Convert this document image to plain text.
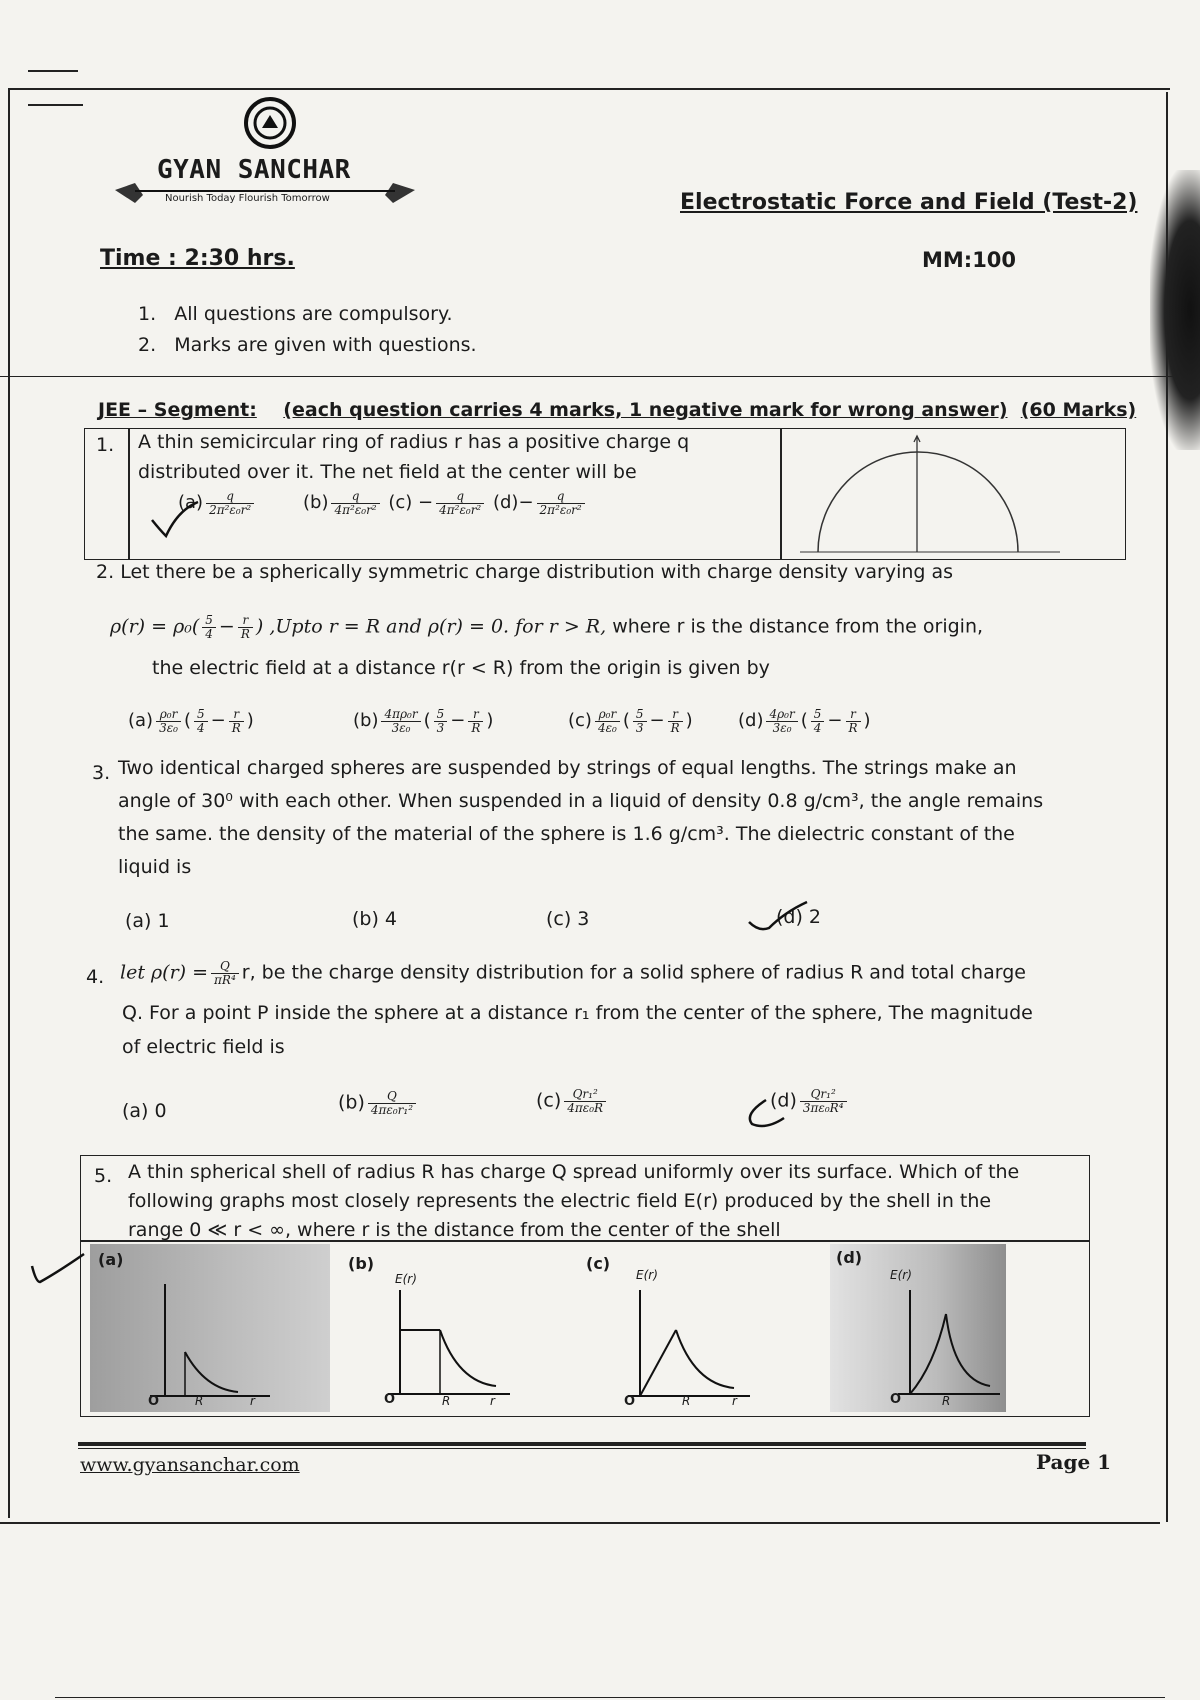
GYAN SANCHAR
Nourish Today Flourish Tomorrow	Electrostatic Force and Field (Test-2)
Time : 2:30 hrs.	MM:100
1. All questions are compulsory.
2. Marks are given with questions.
JEE – Segment: (each question carries 4 marks, 1 negative mark for wrong answer) (60 Marks)
1. A thin semicircular ring of radius r has a positive charge q
distributed over it. The net field at the center will be
$(a) \frac{q}{\text{2π²ε₀r²}}$	$(b) \frac{q}{\text{4π²ε₀r²}} (c) - \frac{q}{\text{4π²ε₀r²}} (d)- \frac{q}{\text{2π²ε₀r²}}$
2. Let there be a spherically symmetric charge distribution with charge density varying as
$\rho(r) = \rho_0( \frac{5}{4} - \frac{r}{R}$ ) ,Upto r = R and ρ(r) = 0. for r > R, where r is the distance from the origin,
the electric field at a distance r(r < R) from the origin is given by
$(a) \frac{\text{ρ₀r}}{\text{3ε₀}}$ ( $\frac{5}{4} - \frac{r}{R}$ )	$(b) \frac{\text{4πρ₀r}}{\text{3ε₀}}$ ( $\frac{5}{3} - \frac{r}{R}$ )	$(c) \frac{\text{ρ₀r}}{\text{4ε₀}}$ ( $\frac{5}{3} - \frac{r}{R}$ )	$(d) \frac{\text{4ρ₀r}}{\text{3ε₀}}$ ( $\frac{5}{4} - \frac{r}{R}$ )
3. Two identical charged spheres are suspended by strings of equal lengths. The strings make an
angle of 30⁰ with each other. When suspended in a liquid of density 0.8 g/cm³, the angle remains
the same. the density of the material of the sphere is 1.6 g/cm³. The dielectric constant of the
liquid is
(a) 1	(b) 4	(c) 3	(d) 2
4. let $\rho(r) = \frac{Q}{\text{πR⁴}} r$, be the charge density distribution for a solid sphere of radius R and total charge
Q. For a point P inside the sphere at a distance r₁ from the center of the sphere, The magnitude
of electric field is
(a) 0	$(b) \frac{Q}{\text{4πε₀r₁²}}$	$(c) \frac{\text{Qr₁²}}{\text{4πε₀R}}$	$(d) \frac{\text{Qr₁²}}{\text{3πε₀R⁴}}$
5. A thin spherical shell of radius R has charge Q spread uniformly over its surface. Which of the
following graphs most closely represents the electric field E(r) produced by the shell in the
range 0 ≪ r < ∞, where r is the distance from the center of the shell
(a)
O	R	r
(b)
E(r)
O	R	r
(c)
E(r)
O	R	r
(d)
E(r)
O	R
www.gyansanchar.com	Page 1
